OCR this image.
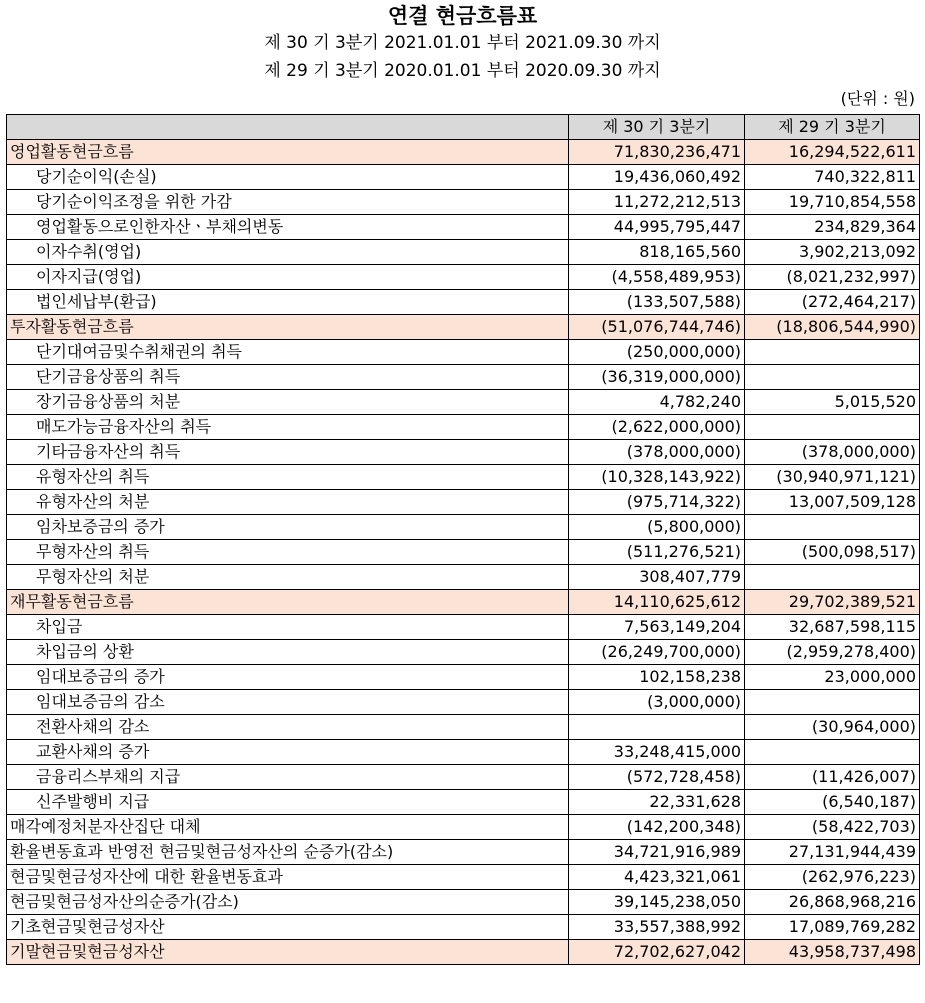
연결 현금흐름표
제 30 기 3분기 2021.01.01 부터 2021.09.30 까지
제 29 기 3분기 2020.01.01 부터 2020.09.30 까지
(단위 : 원)
	제 30 기 3분기	제 29 기 3분기
영업활동현금흐름	71,830,236,471	16,294,522,611
당기순이익(손실)	19,436,060,492	740,322,811
당기순이익조정을 위한 가감	11,272,212,513	19,710,854,558
영업활동으로인한자산ㆍ부채의변동	44,995,795,447	234,829,364
이자수취(영업)	818,165,560	3,902,213,092
이자지급(영업)	(4,558,489,953)	(8,021,232,997)
법인세납부(환급)	(133,507,588)	(272,464,217)
투자활동현금흐름	(51,076,744,746)	(18,806,544,990)
단기대여금및수취채권의 취득	(250,000,000)	
단기금융상품의 취득	(36,319,000,000)	
장기금융상품의 처분	4,782,240	5,015,520
매도가능금융자산의 취득	(2,622,000,000)	
기타금융자산의 취득	(378,000,000)	(378,000,000)
유형자산의 취득	(10,328,143,922)	(30,940,971,121)
유형자산의 처분	(975,714,322)	13,007,509,128
임차보증금의 증가	(5,800,000)	
무형자산의 취득	(511,276,521)	(500,098,517)
무형자산의 처분	308,407,779	
재무활동현금흐름	14,110,625,612	29,702,389,521
차입금	7,563,149,204	32,687,598,115
차입금의 상환	(26,249,700,000)	(2,959,278,400)
임대보증금의 증가	102,158,238	23,000,000
임대보증금의 감소	(3,000,000)	
전환사채의 감소		(30,964,000)
교환사채의 증가	33,248,415,000	
금융리스부채의 지급	(572,728,458)	(11,426,007)
신주발행비 지급	22,331,628	(6,540,187)
매각예정처분자산집단 대체	(142,200,348)	(58,422,703)
환율변동효과 반영전 현금및현금성자산의 순증가(감소)	34,721,916,989	27,131,944,439
현금및현금성자산에 대한 환율변동효과	4,423,321,061	(262,976,223)
현금및현금성자산의순증가(감소)	39,145,238,050	26,868,968,216
기초현금및현금성자산	33,557,388,992	17,089,769,282
기말현금및현금성자산	72,702,627,042	43,958,737,498
